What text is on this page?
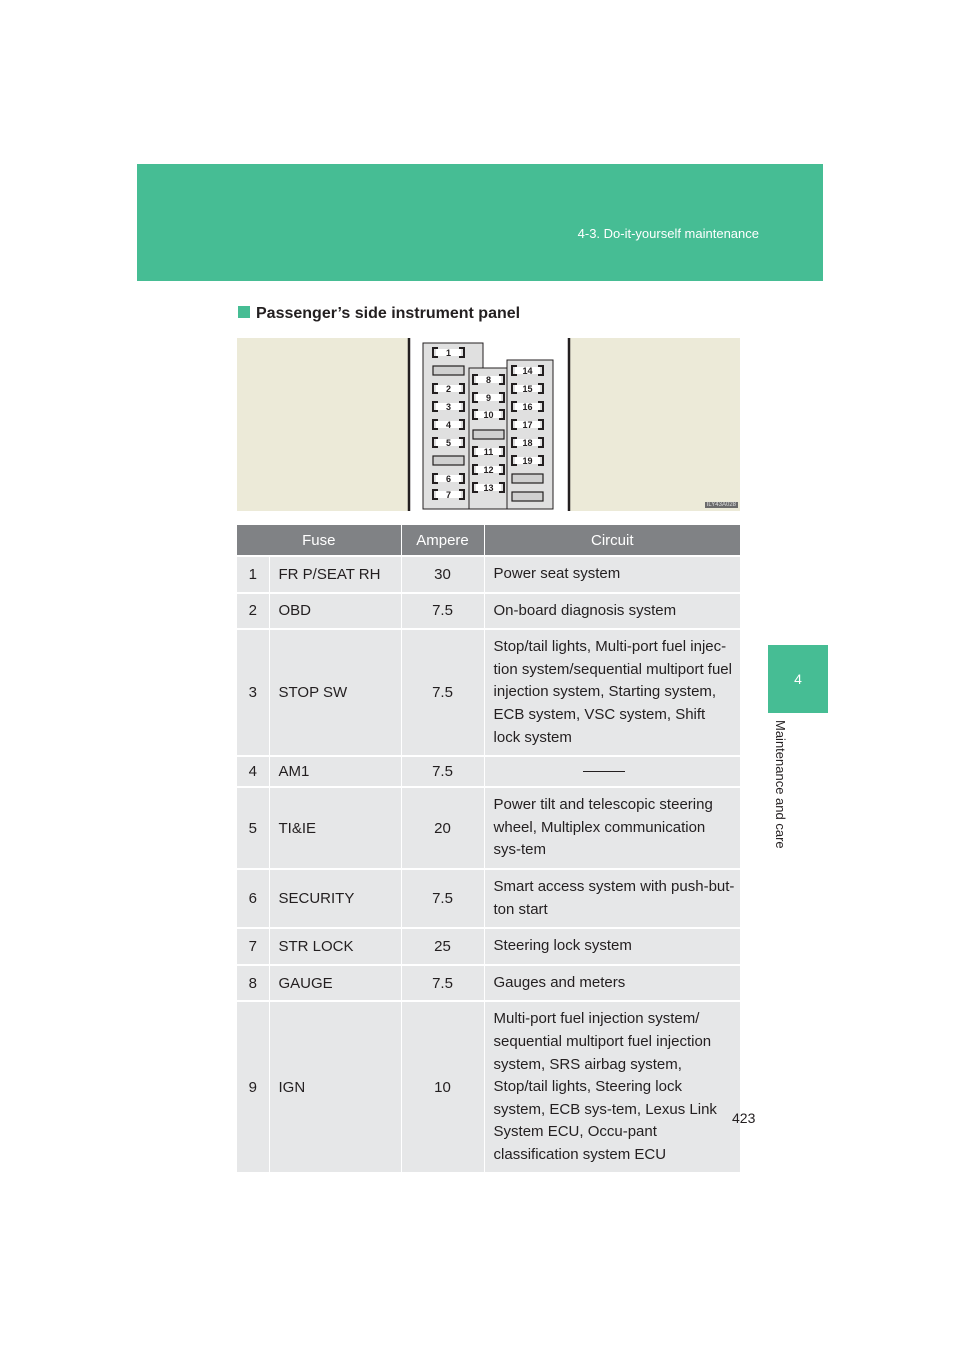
4-3. Do-it-yourself maintenance
4
Maintenance and care
Passenger’s side instrument panel
1
2
3
4
5
6
7
8
9
10
11
12
13
14
15
16
17
18
19
ILY43A028
Fuse		Ampere	Circuit
1	FR P/SEAT RH	30	Power seat system
2	OBD	7.5	On-board diagnosis system
3	STOP SW	7.5	Stop/tail lights, Multi-port fuel injec-tion system/sequential multiport fuel injection system, Starting system, ECB system, VSC system, Shift lock system
4	AM1	7.5	

5	TI&IE	20	Power tilt and telescopic steering wheel, Multiplex communication sys-tem
6	SECURITY	7.5	Smart access system with push-but-ton start
7	STR LOCK	25	Steering lock system
8	GAUGE	7.5	Gauges and meters
9	IGN	10	Multi-port fuel injection system/ sequential multiport fuel injection system, SRS airbag system, Stop/tail lights, Steering lock system, ECB sys-tem, Lexus Link System ECU, Occu-pant classification system ECU
423
